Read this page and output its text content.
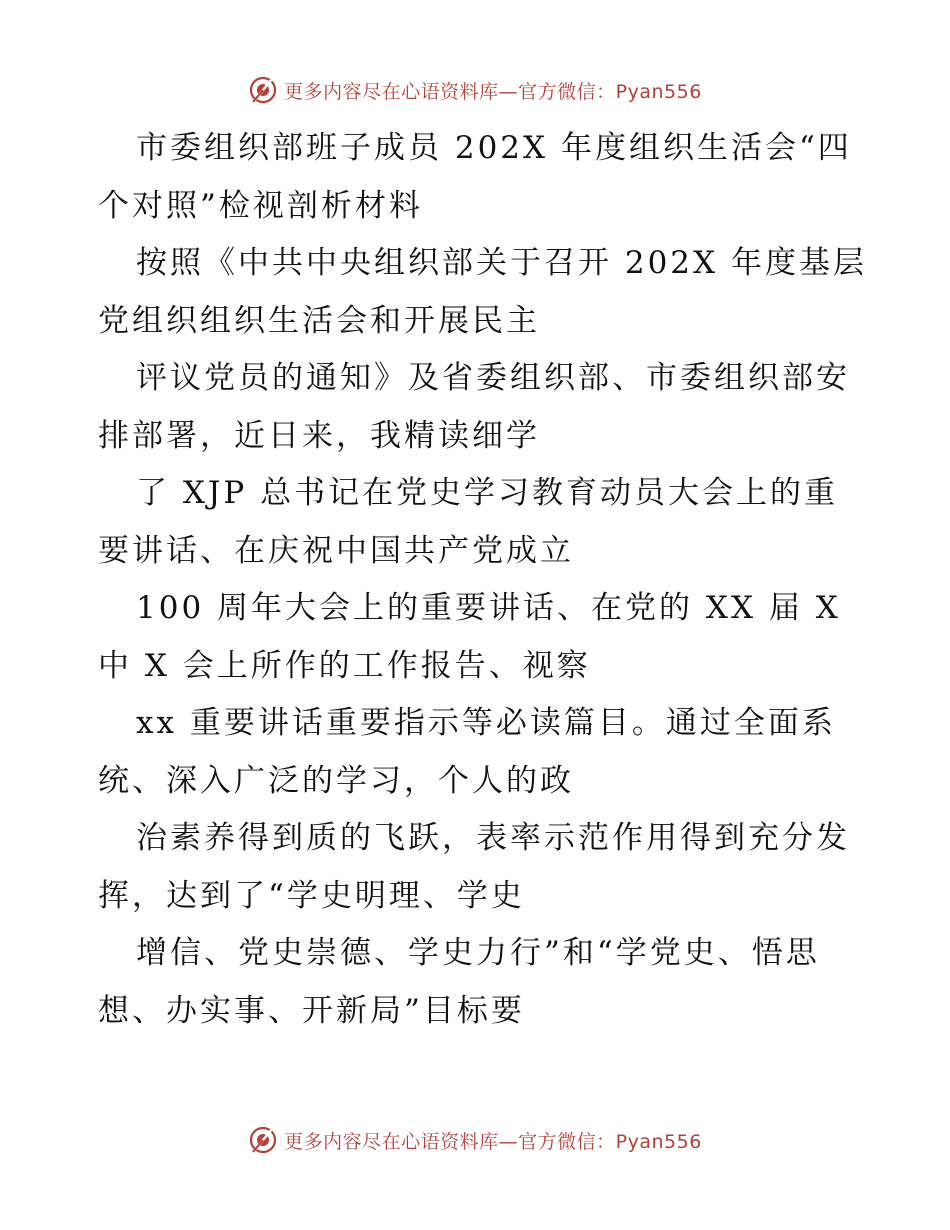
更多内容尽在心语资料库—官方微信：Pyan556

市委组织部班子成员 202X 年度组织生活会“四
个对照”检视剖析材料

按照《中共中央组织部关于召开 202X 年度基层
党组织组织生活会和开展民主

评议党员的通知》及省委组织部、市委组织部安
排部署，近日来，我精读细学

了 XJP 总书记在党史学习教育动员大会上的重
要讲话、在庆祝中国共产党成立

100 周年大会上的重要讲话、在党的 XX 届 X
中 X 会上所作的工作报告、视察

xx 重要讲话重要指示等必读篇目。通过全面系
统、深入广泛的学习，个人的政

治素养得到质的飞跃，表率示范作用得到充分发
挥，达到了“学史明理、学史

增信、党史崇德、学史力行”和“学党史、悟思
想、办实事、开新局”目标要

更多内容尽在心语资料库—官方微信：Pyan556
